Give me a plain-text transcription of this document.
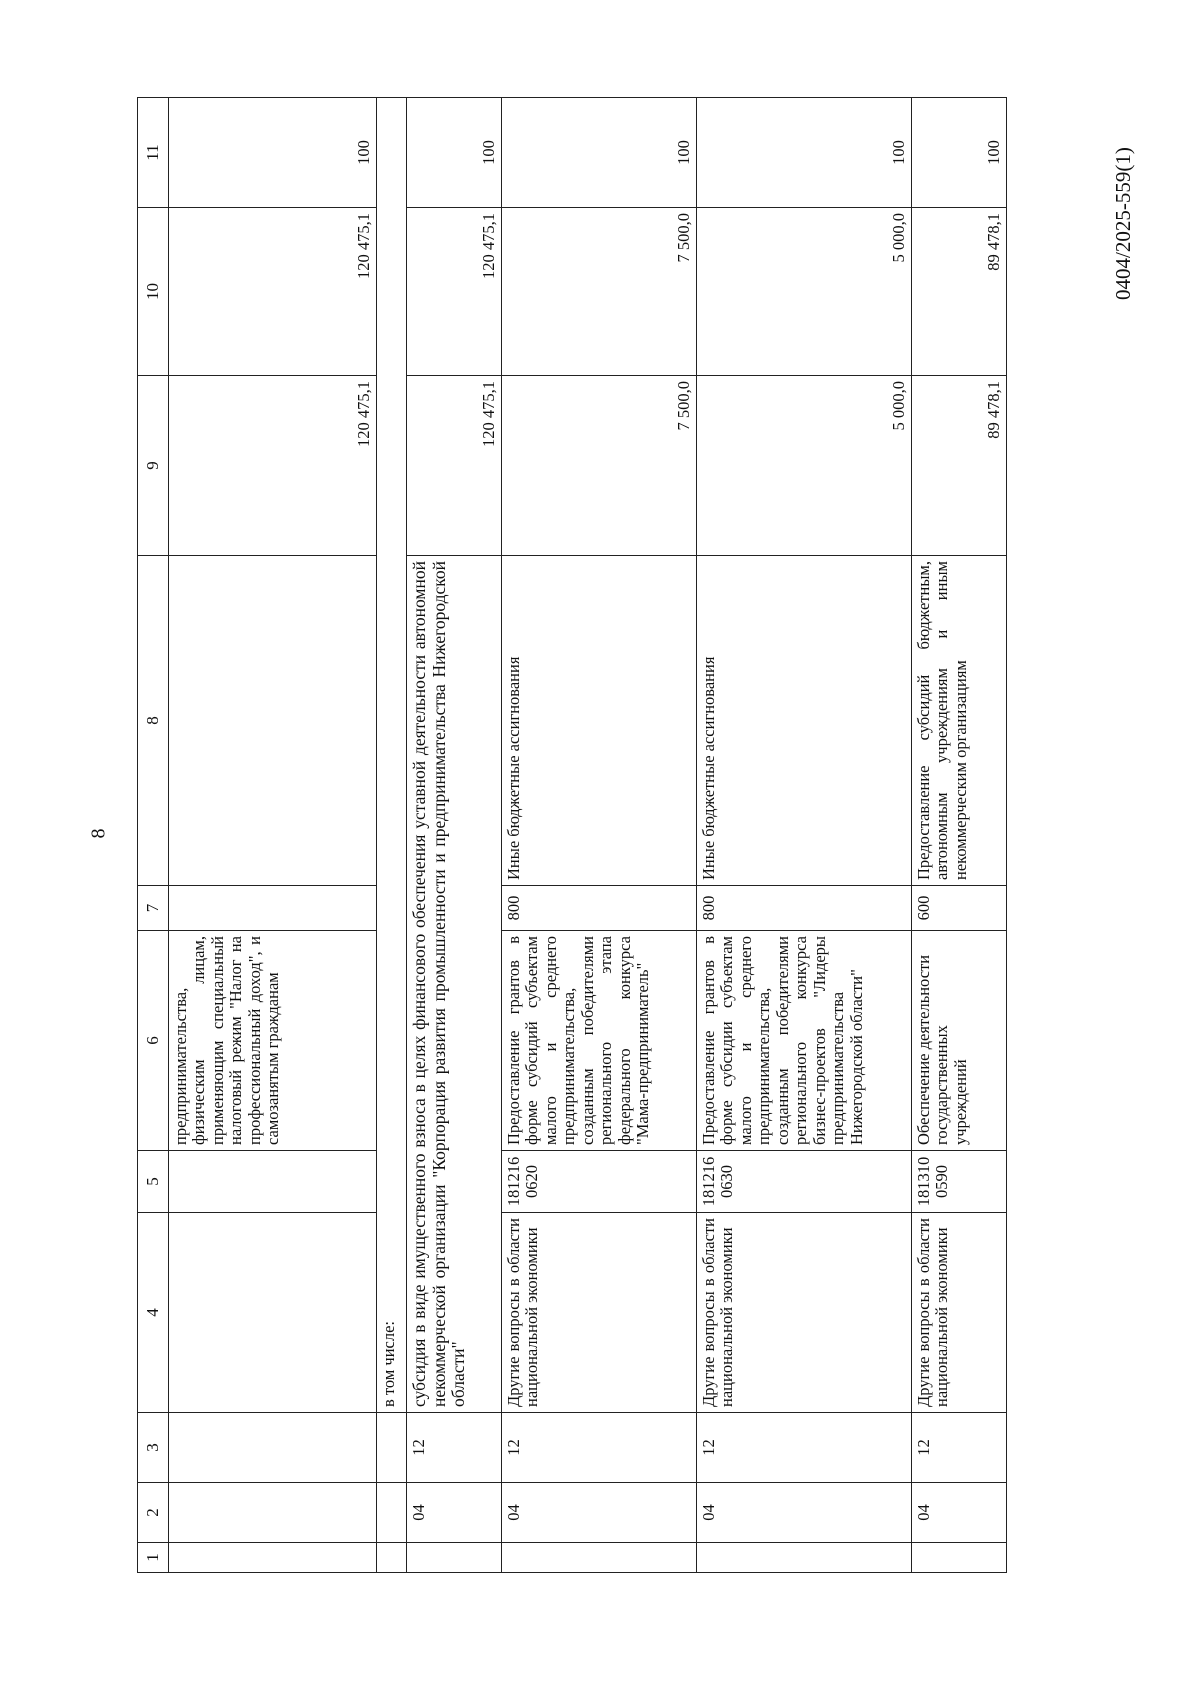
8
0404/2025-559(1)
1	2	3	4	5	6	7	8	9	10	11
					предпринимательства, физическим лицам, применяющим специальный налоговый режим "Налог на профессиональный доход", и самозанятым гражданам			120 475,1	120 475,1	100
			в том числе:							
	04	12	субсидия в виде имущественного взноса в целях финансового обеспечения уставной деятельности автономной некоммерческой организации "Корпорация развития промышленности и предпринимательства Нижегородской области"					120 475,1	120 475,1	100
	04	12	Другие вопросы в области национальной экономики	181216 0620	Предоставление грантов в форме субсидий субъектам малого и среднего предпринимательства, созданным победителями регионального этапа федерального конкурса "Мама-предприниматель"	800	Иные бюджетные ассигнования	7 500,0	7 500,0	100
	04	12	Другие вопросы в области национальной экономики	181216 0630	Предоставление грантов в форме субсидии субъектам малого и среднего предпринимательства, созданным победителями регионального конкурса бизнес-проектов "Лидеры предпринимательства Нижегородской области"	800	Иные бюджетные ассигнования	5 000,0	5 000,0	100
	04	12	Другие вопросы в области национальной экономики	181310 0590	Обеспечение деятельности государственных учреждений	600	Предоставление субсидий бюджетным, автономным учреждениям и иным некоммерческим организациям	89 478,1	89 478,1	100
